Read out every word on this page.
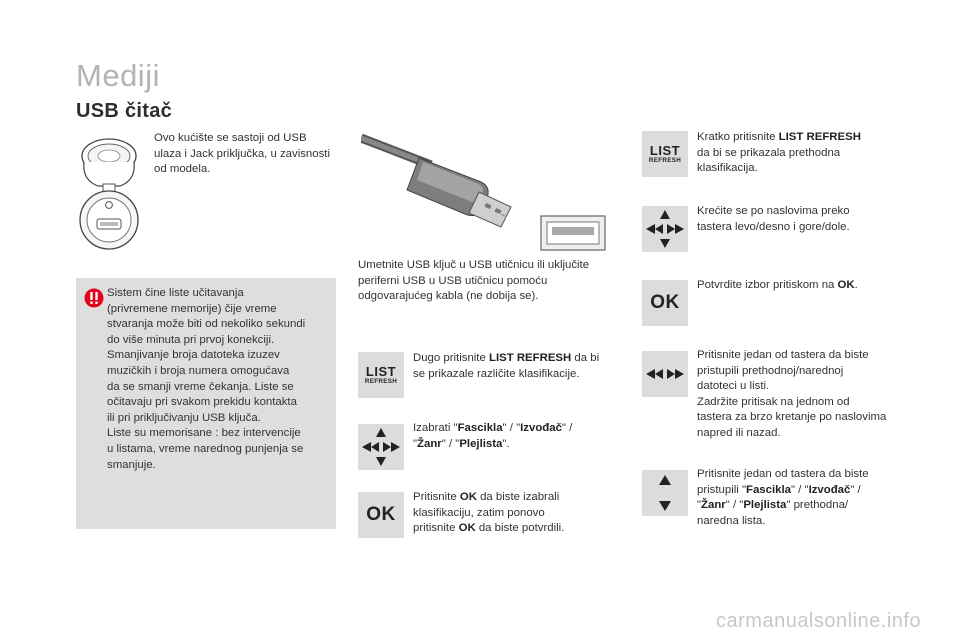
Mediji
USB čitač
Ovo kućište se sastoji od USB ulaza i Jack priključka, u zavisnosti od modela.
Sistem čine liste učitavanja
(privremene memorije) čije vreme
stvaranja može biti od nekoliko sekundi
do više minuta pri prvoj konekciji.
Smanjivanje broja datoteka izuzev
muzičkih i broja numera omogućava
da se smanji vreme čekanja. Liste se
očitavaju pri svakom prekidu kontakta
ili pri priključivanju USB ključa.
Liste su memorisane : bez intervencije
u listama, vreme narednog punjenja se
smanjuje.
Umetnite USB ključ u USB utičnicu ili uključite
periferni USB u USB utičnicu pomoću
odgovarajućeg kabla (ne dobija se).
LIST
REFRESH
Dugo pritisnite LIST REFRESH da bi
se prikazale različite klasifikacije.
Izabrati "Fascikla" / "Izvođač" /
"Žanr" / "Plejlista".
OK
Pritisnite OK da biste izabrali
klasifikaciju, zatim ponovo
pritisnite OK da biste potvrdili.
LIST
REFRESH
Kratko pritisnite LIST REFRESH
da bi se prikazala prethodna
klasifikacija.
Krećite se po naslovima preko
tastera levo/desno i gore/dole.
OK
Potvrdite izbor pritiskom na OK.
Pritisnite jedan od tastera da biste
pristupili prethodnoj/narednoj
datoteci u listi.
Zadržite pritisak na jednom od
tastera za brzo kretanje po naslovima
napred ili nazad.
Pritisnite jedan od tastera da biste
pristupili "Fascikla" / "Izvođač" /
"Žanr" / "Plejlista" prethodna/
naredna lista.
carmanualsonline.info
